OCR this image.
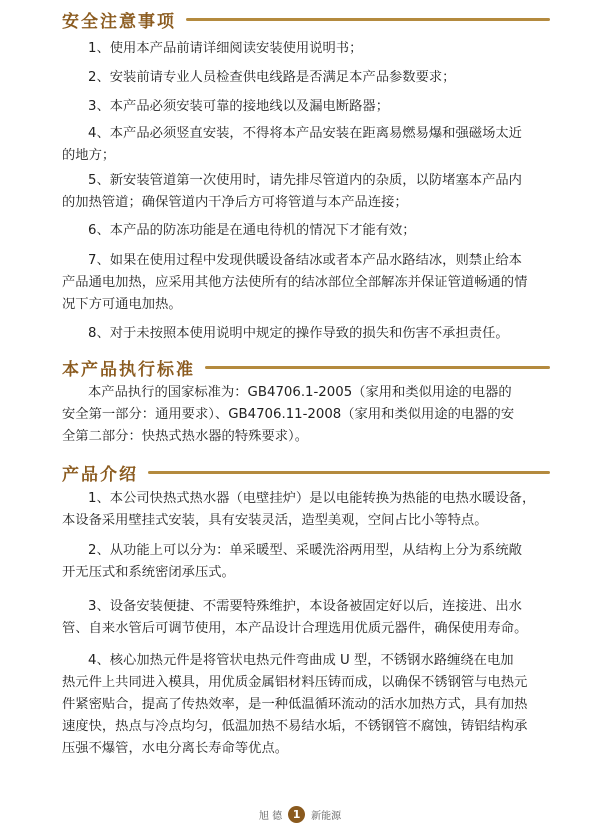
安全注意事项
1、使用本产品前请详细阅读安装使用说明书；
2、安装前请专业人员检查供电线路是否满足本产品参数要求；
3、本产品必须安装可靠的接地线以及漏电断路器；
4、本产品必须竖直安装，不得将本产品安装在距离易燃易爆和强磁场太近
的地方；
5、新安装管道第一次使用时，请先排尽管道内的杂质，以防堵塞本产品内
的加热管道；确保管道内干净后方可将管道与本产品连接；
6、本产品的防冻功能是在通电待机的情况下才能有效；
7、如果在使用过程中发现供暖设备结冰或者本产品水路结冰，则禁止给本
产品通电加热，应采用其他方法使所有的结冰部位全部解冻并保证管道畅通的情
况下方可通电加热。
8、对于未按照本使用说明中规定的操作导致的损失和伤害不承担责任。
本产品执行标准
本产品执行的国家标准为：GB4706.1-2005（家用和类似用途的电器的
安全第一部分：通用要求）、GB4706.11-2008（家用和类似用途的电器的安
全第二部分：快热式热水器的特殊要求）。
产品介绍
1、本公司快热式热水器（电壁挂炉）是以电能转换为热能的电热水暖设备，
本设备采用壁挂式安装，具有安装灵活，造型美观，空间占比小等特点。
2、从功能上可以分为：单采暖型、采暖洗浴两用型，从结构上分为系统敞
开无压式和系统密闭承压式。
3、设备安装便捷、不需要特殊维护，本设备被固定好以后，连接进、出水
管、自来水管后可调节使用，本产品设计合理选用优质元器件，确保使用寿命。
4、核心加热元件是将管状电热元件弯曲成 U 型，不锈钢水路缠绕在电加
热元件上共同进入模具，用优质金属铝材料压铸而成，以确保不锈钢管与电热元
件紧密贴合，提高了传热效率，是一种低温循环流动的活水加热方式，具有加热
速度快，热点与冷点均匀，低温加热不易结水垢，不锈钢管不腐蚀，铸铝结构承
压强不爆管，水电分离长寿命等优点。
旭 德 1	新能源
